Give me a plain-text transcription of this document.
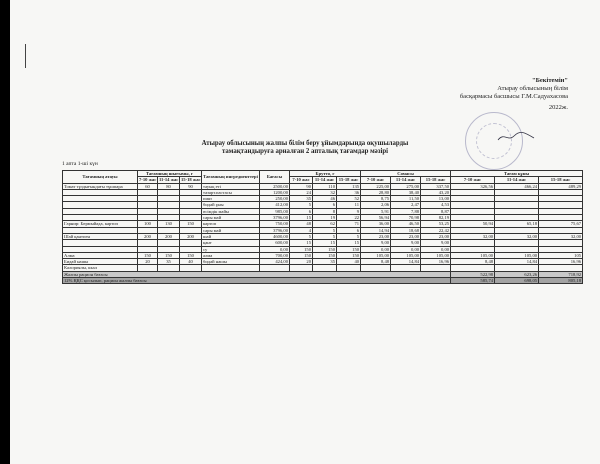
"Бекітемін"
Атырау облысының білім
басқармасы басшысы Г.М.Садуахасова
2022ж.
Атырау облысының жалпы білім беру ұйымдарында оқушыларды
тамақтандыруға арналған 2 апталық тағамдар мәзірі
1 апта 1-ші күн
Тағамның атауы	Тағамның шығымы, г			Тағамның ингредиенттері	Бағасы	Брутто, г			Сомасы			Тағам құны		
	7-10 жас	11-14 жас	15-18 жас			7-10 жас	11-14 жас	15-18 жас	7-10 жас	11-14 жас	15-18 жас	7-10 жас	11-14 жас	15-18 жас
Томат тұздығындағы тұшпара	60	80	90	тауық еті	2500,00	90	110	135	225,00	275,00	337,50	326,56	466,24	489,29
				тазарт.пастасы	1200,00	24	32	36	28,80	38,40	43,20			
				пияз	250,00	35	46	52	8,75	11,50	13,00			
				бидай ұны	412,00	5	6	11	2,06	2,47	4,53			
				өсімдік майы	985,00	6	8	9	5,91	7,88	8,87			
				сары май	3796,00	15	19	22	56,94	70,98	82,19			
Гарнир: Бөрмыйада, картоп	100	130	150	картоп	750,00	48	62	71	36,00	46,50	53,25	50,94	65,18	75,67
				сары май	3796,00	4	5	6	14,94	18,68	22,42			
Шай қантпен	200	200	200	шай	4600,00	5	5	5	23,00	23,00	23,00	32,00	32,00	32,00
				қант	600,00	15	15	15	9,00	9,00	9,00			
				су	0,00	150	150	150	0,00	0,00	0,00			
Алма	150	150	150	алма	700,00	150	150	150	105,00	105,00	105,00	105,00	105,00	105
Бидай нашы	20	35	40	бидай нашы	424,00	20	35	40	8,48	14,84	16,96	8,48	14,84	16,96
Калориялы, ккал														
Жалпы рацион бағасы												522,98	623,26	718,92
12% ҚҚС қосылып, рацион жалпы бағасы												585,74	698,05	805,18
